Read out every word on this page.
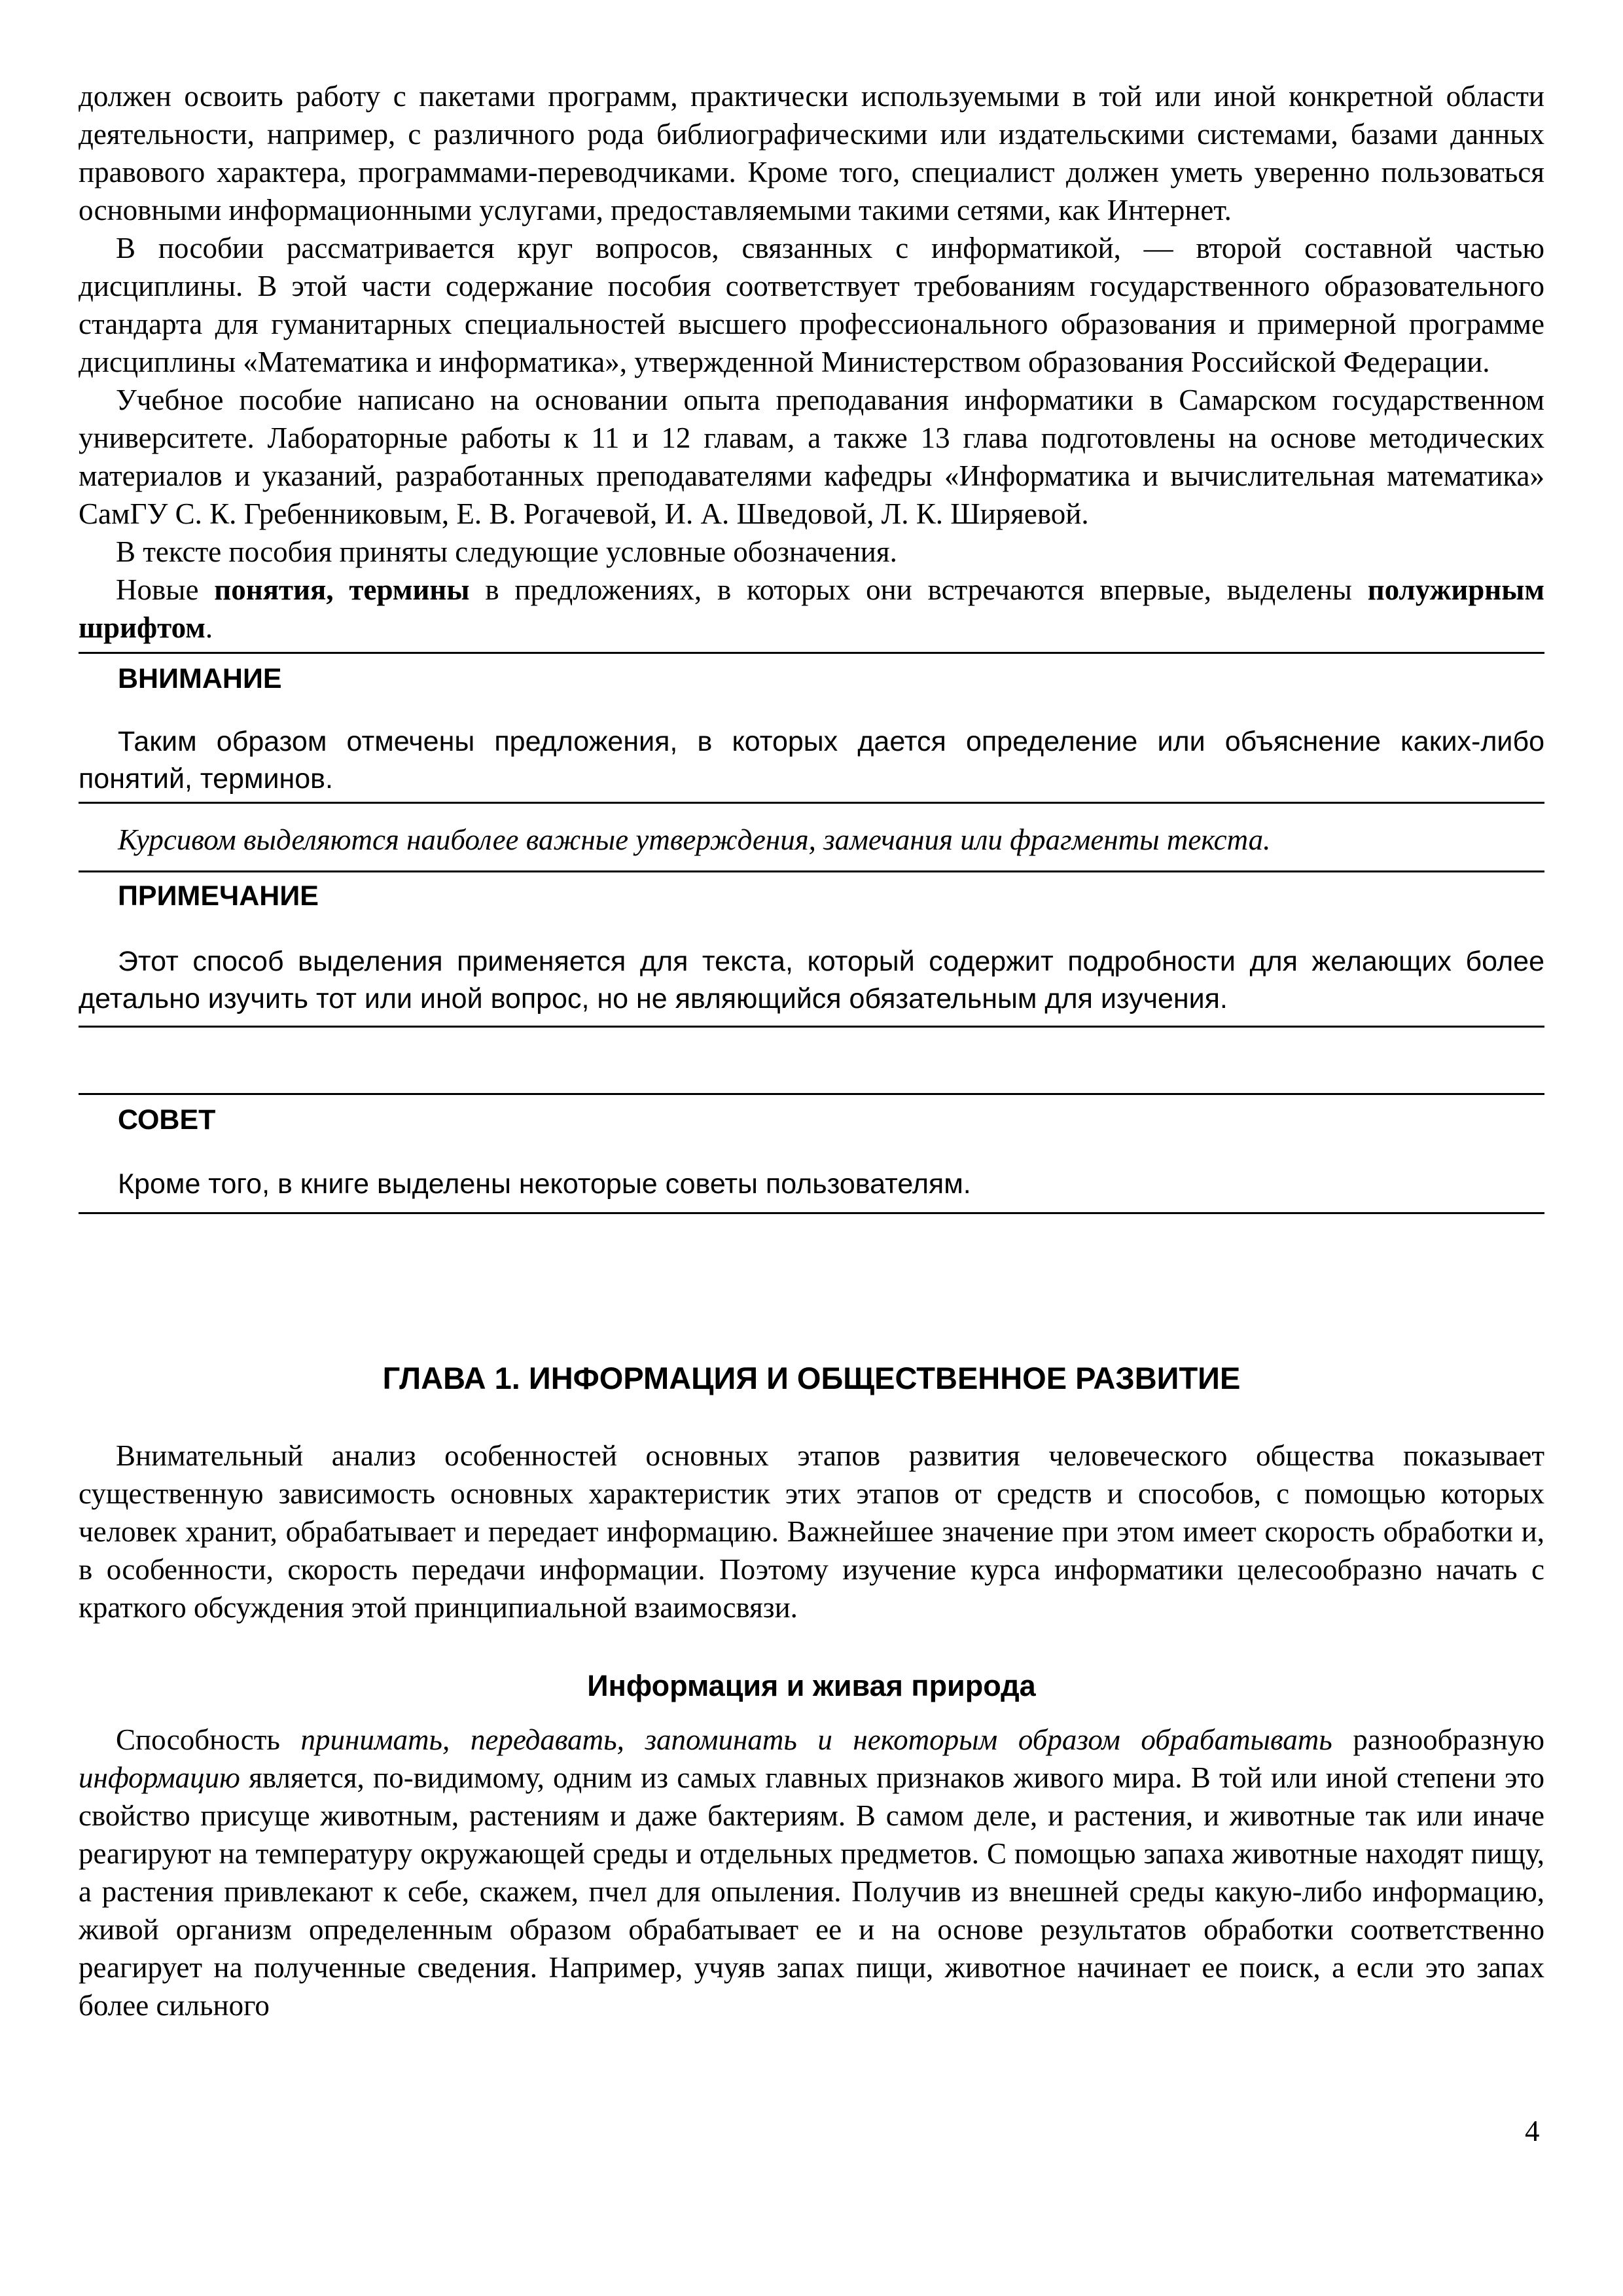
должен освоить работу с пакетами программ, практически используемыми в той или иной конкретной области деятельности, например, с различного рода библиографическими или издательскими системами, базами данных правового характера, программами-переводчиками. Кроме того, специалист должен уметь уверенно пользоваться основными информационными услугами, предоставляемыми такими сетями, как Интернет.

В пособии рассматривается круг вопросов, связанных с информатикой, — второй составной частью дисциплины. В этой части содержание пособия соответствует требованиям государственного образовательного стандарта для гуманитарных специальностей высшего профессионального образования и примерной программе дисциплины «Математика и информатика», утвержденной Министерством образования Российской Федерации.

Учебное пособие написано на основании опыта преподавания информатики в Самарском государственном университете. Лабораторные работы к 11 и 12 главам, а также 13 глава подготовлены на основе методических материалов и указаний, разработанных преподавателями кафедры «Информатика и вычислительная математика» СамГУ С. К. Гребенниковым, Е. В. Рогачевой, И. А. Шведовой, Л. К. Ширяевой.

В тексте пособия приняты следующие условные обозначения.

Новые понятия, термины в предложениях, в которых они встречаются впервые, выделены полужирным шрифтом.

ВНИМАНИЕ
Таким образом отмечены предложения, в которых дается определение или объяснение каких-либо понятий, терминов.
Курсивом выделяются наиболее важные утверждения, замечания или фрагменты текста.
ПРИМЕЧАНИЕ
Этот способ выделения применяется для текста, который содержит подробности для желающих более детально изучить тот или иной вопрос, но не являющийся обязательным для изучения.
СОВЕТ
Кроме того, в книге выделены некоторые советы пользователям.
ГЛАВА 1. ИНФОРМАЦИЯ И ОБЩЕСТВЕННОЕ РАЗВИТИЕ

Внимательный анализ особенностей основных этапов развития человеческого общества показывает существенную зависимость основных характеристик этих этапов от средств и способов, с помощью которых человек хранит, обрабатывает и передает информацию. Важнейшее значение при этом имеет скорость обработки и, в особенности, скорость передачи информации. Поэтому изучение курса информатики целесообразно начать с краткого обсуждения этой принципиальной взаимосвязи.

Информация и живая природа

Способность принимать, передавать, запоминать и некоторым образом обрабатывать разнообразную информацию является, по-видимому, одним из самых главных признаков живого мира. В той или иной степени это свойство присуще животным, растениям и даже бактериям. В самом деле, и растения, и животные так или иначе реагируют на температуру окружающей среды и отдельных предметов. С помощью запаха животные находят пищу, а растения привлекают к себе, скажем, пчел для опыления. Получив из внешней среды какую-либо информацию, живой организм определенным образом обрабатывает ее и на основе результатов обработки соответственно реагирует на полученные сведения. Например, учуяв запах пищи, животное начинает ее поиск, а если это запах более сильного

4
